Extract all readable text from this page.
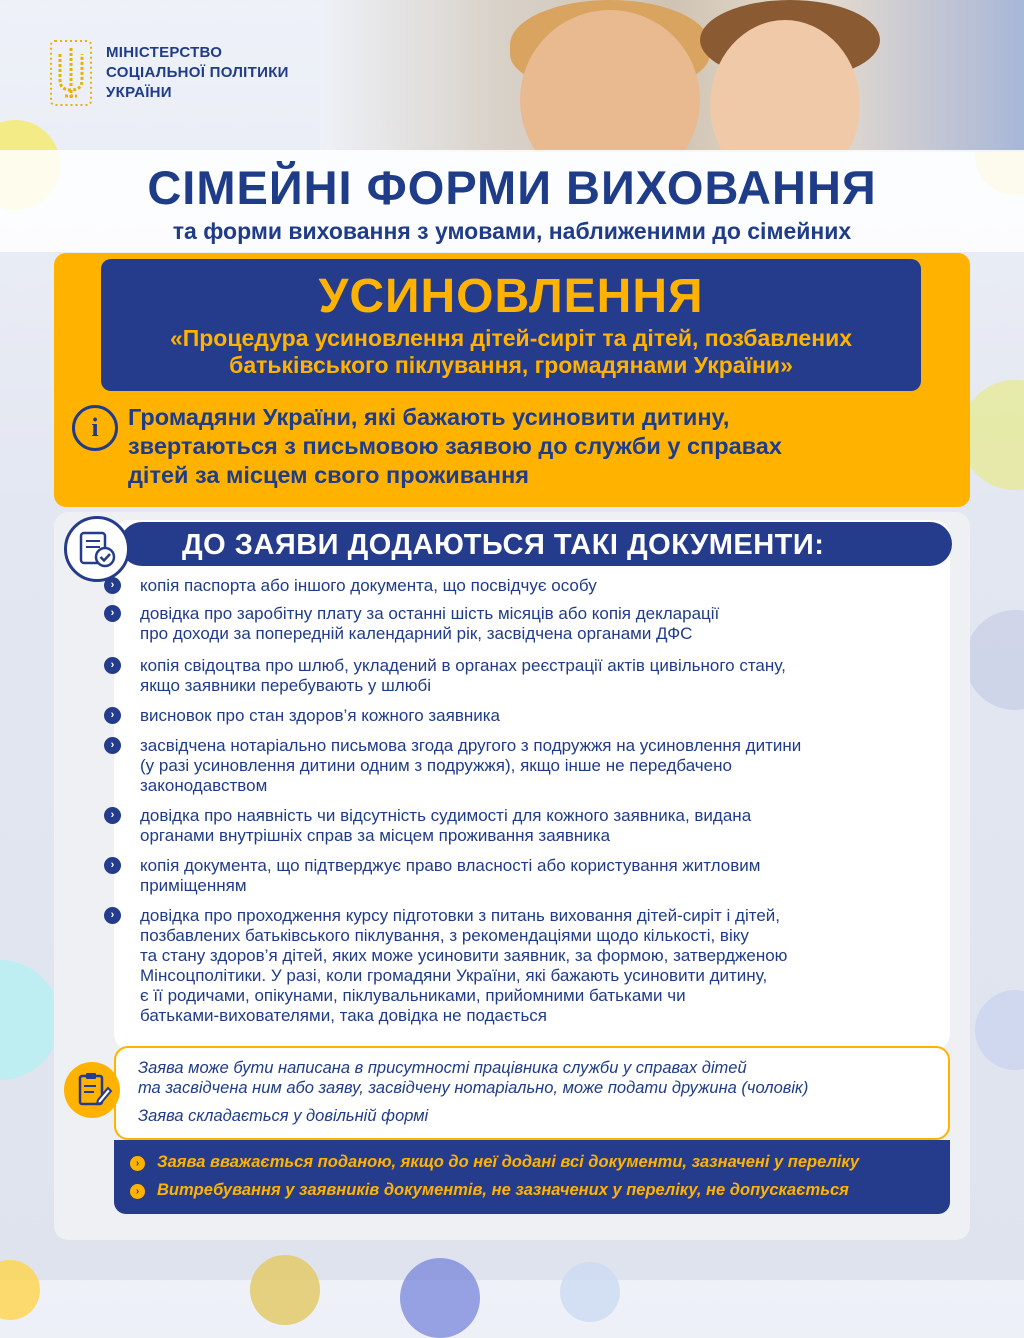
МІНІСТЕРСТВО
СОЦІАЛЬНОЇ ПОЛІТИКИ
УКРАЇНИ
СІМЕЙНІ ФОРМИ ВИХОВАННЯ
та форми виховання з умовами, наближеними до сімейних
УСИНОВЛЕННЯ
«Процедура усиновлення дітей-сиріт та дітей, позбавлених
батьківського піклування, громадянами України»
i	Громадяни України, які бажають усиновити дитину,
звертаються з письмовою заявою до служби у справах
дітей за місцем свого проживання
ДО ЗАЯВИ ДОДАЮТЬСЯ ТАКІ ДОКУМЕНТИ:
›	копія паспорта або іншого документа, що посвідчує особу
›	довідка про заробітну плату за останні шість місяців або копія декларації
про доходи за попередній календарний рік, засвідчена органами ДФС
›	копія свідоцтва про шлюб, укладений в органах реєстрації актів цивільного стану,
якщо заявники перебувають у шлюбі
›	висновок про стан здоров’я кожного заявника
›	засвідчена нотаріально письмова згода другого з подружжя на усиновлення дитини
(у разі усиновлення дитини одним з подружжя), якщо інше не передбачено
законодавством
›	довідка про наявність чи відсутність судимості для кожного заявника, видана
органами внутрішніх справ за місцем проживання заявника
›	копія документа, що підтверджує право власності або користування житловим
приміщенням
›	довідка про проходження курсу підготовки з питань виховання дітей-сиріт і дітей,
позбавлених батьківського піклування, з рекомендаціями щодо кількості, віку
та стану здоров’я дітей, яких може усиновити заявник, за формою, затвердженою
Мінсоцполітики. У разі, коли громадяни України, які бажають усиновити дитину,
є її родичами, опікунами, піклувальниками, прийомними батьками чи
батьками-вихователями, така довідка не подається
Заява може бути написана в присутності працівника служби у справах дітей
та засвідчена ним або заяву, засвідчену нотаріально, може подати дружина (чоловік)
Заява складається у довільній формі
› Заява вважається поданою, якщо до неї додані всі документи, зазначені у переліку
› Витребування у заявників документів, не зазначених у переліку, не допускається
